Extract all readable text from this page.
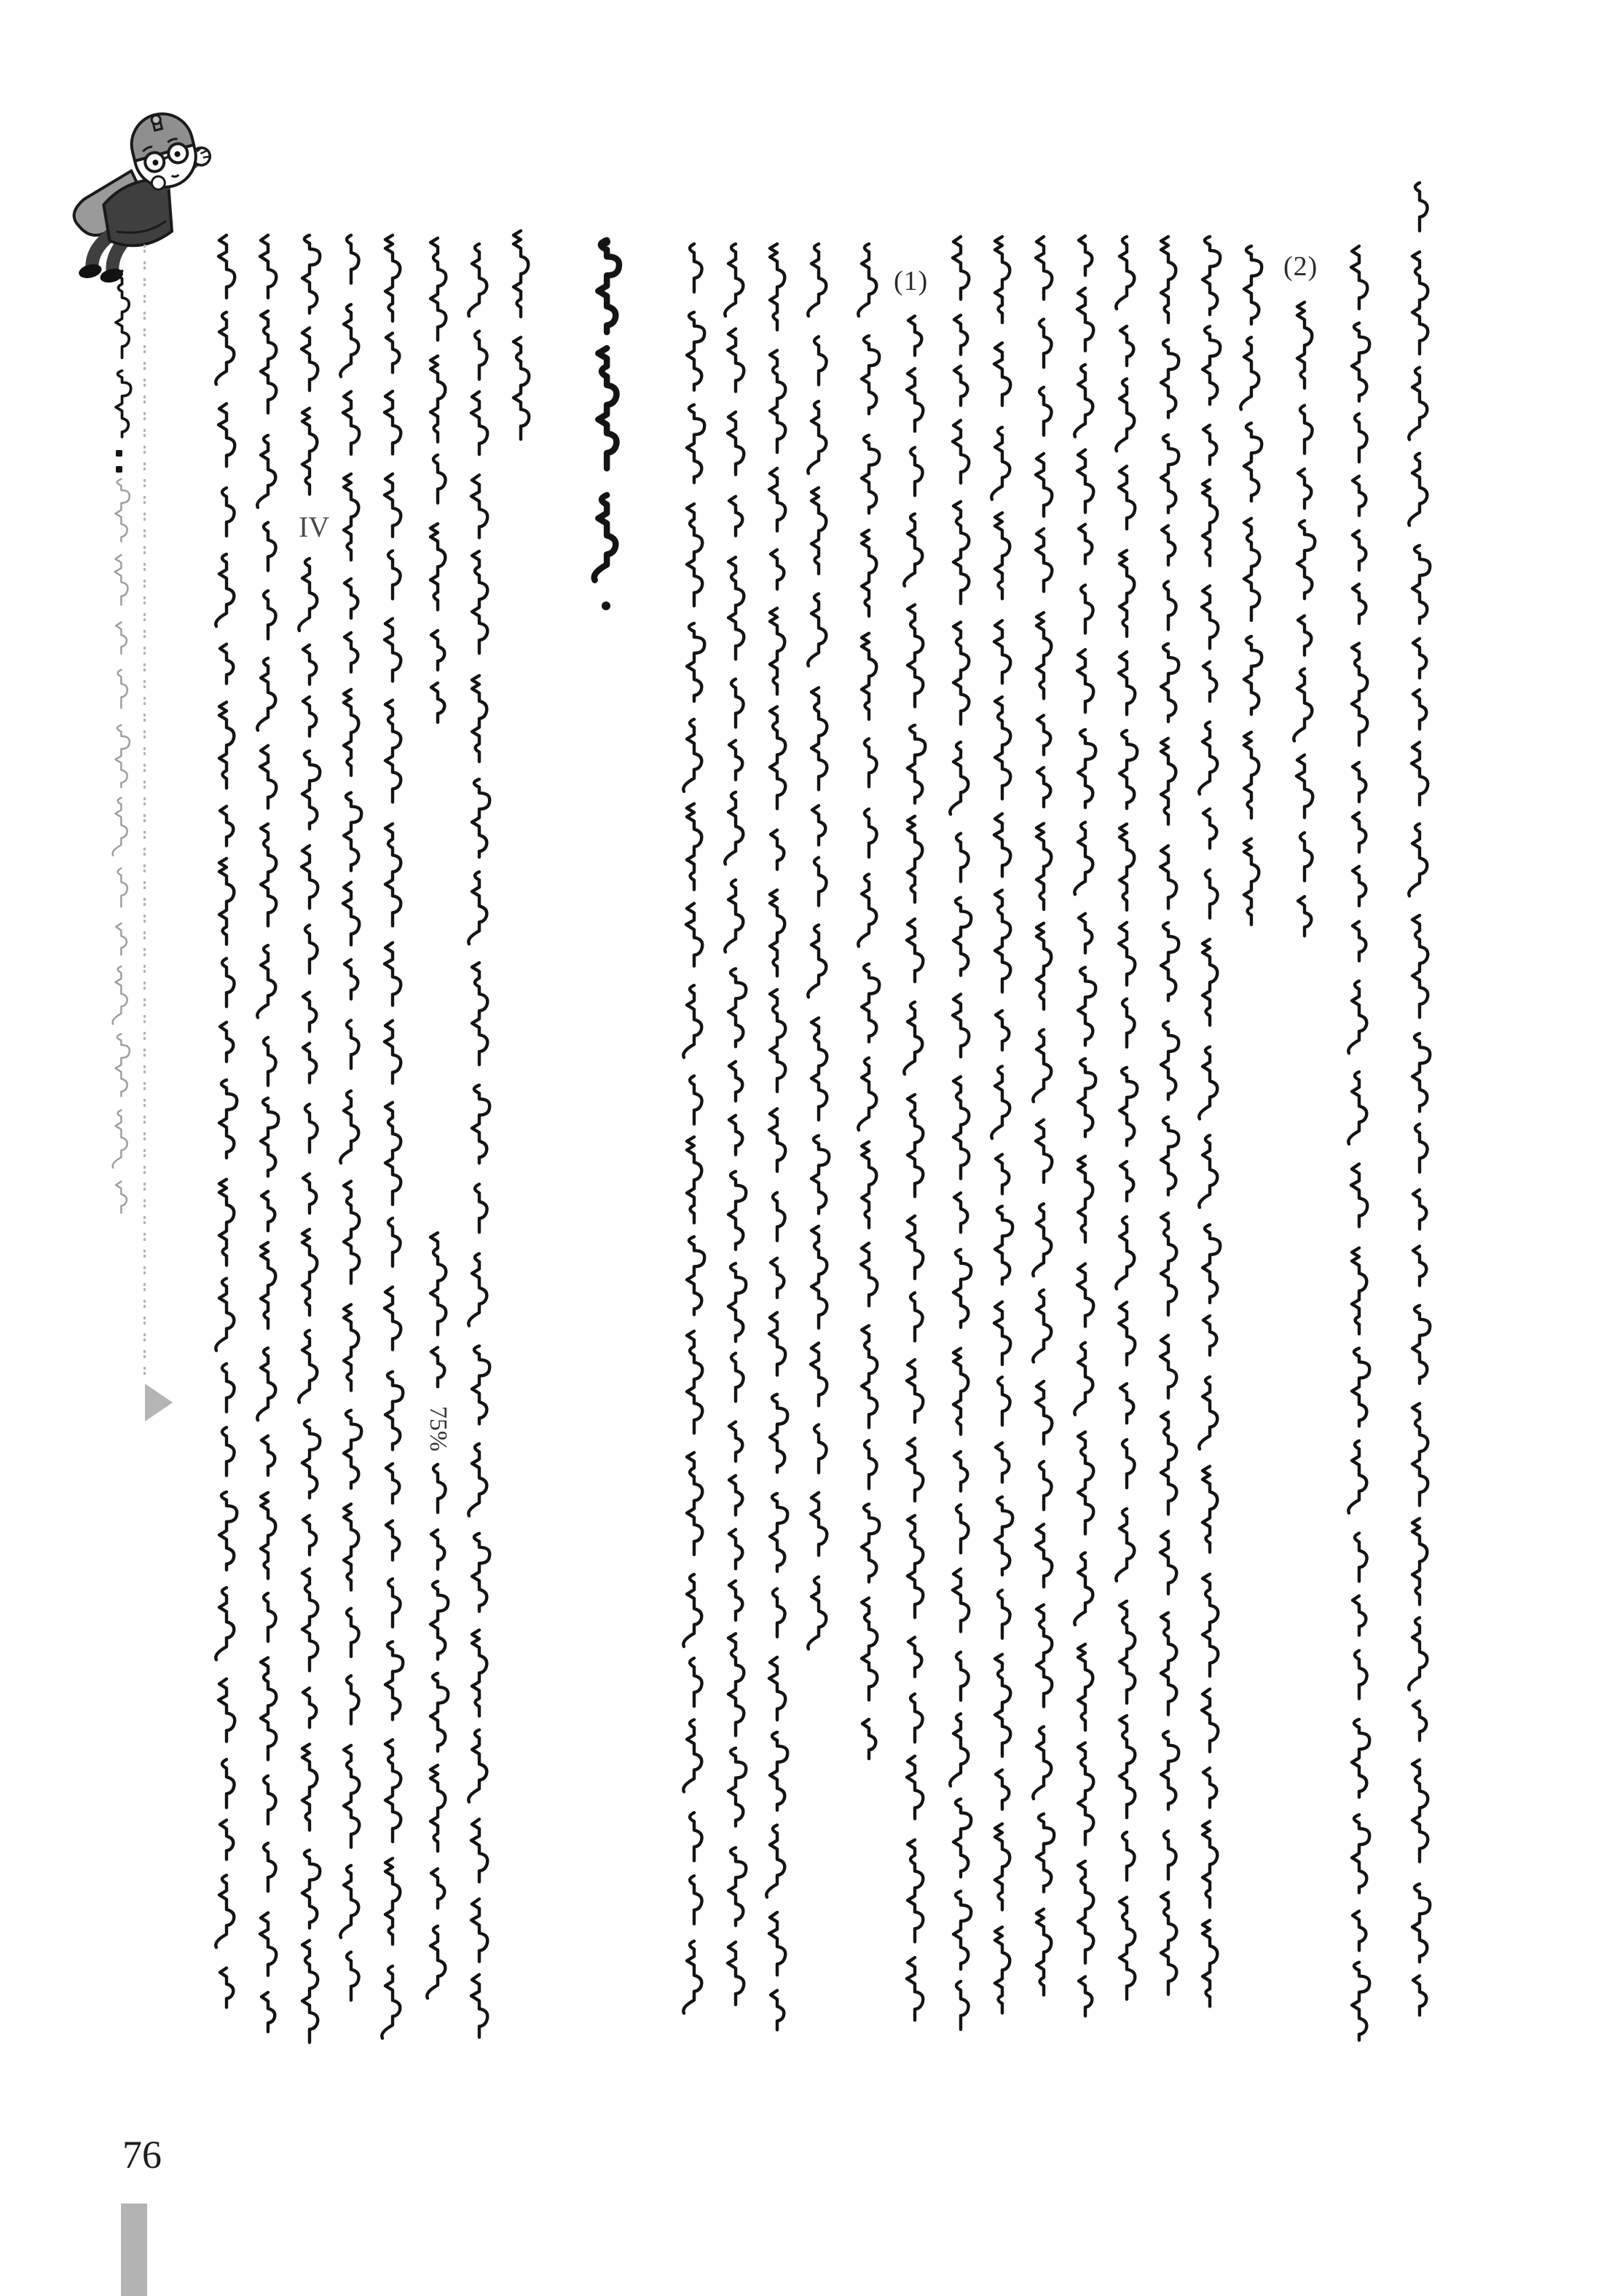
IV
75%
(1)	(2)
76
